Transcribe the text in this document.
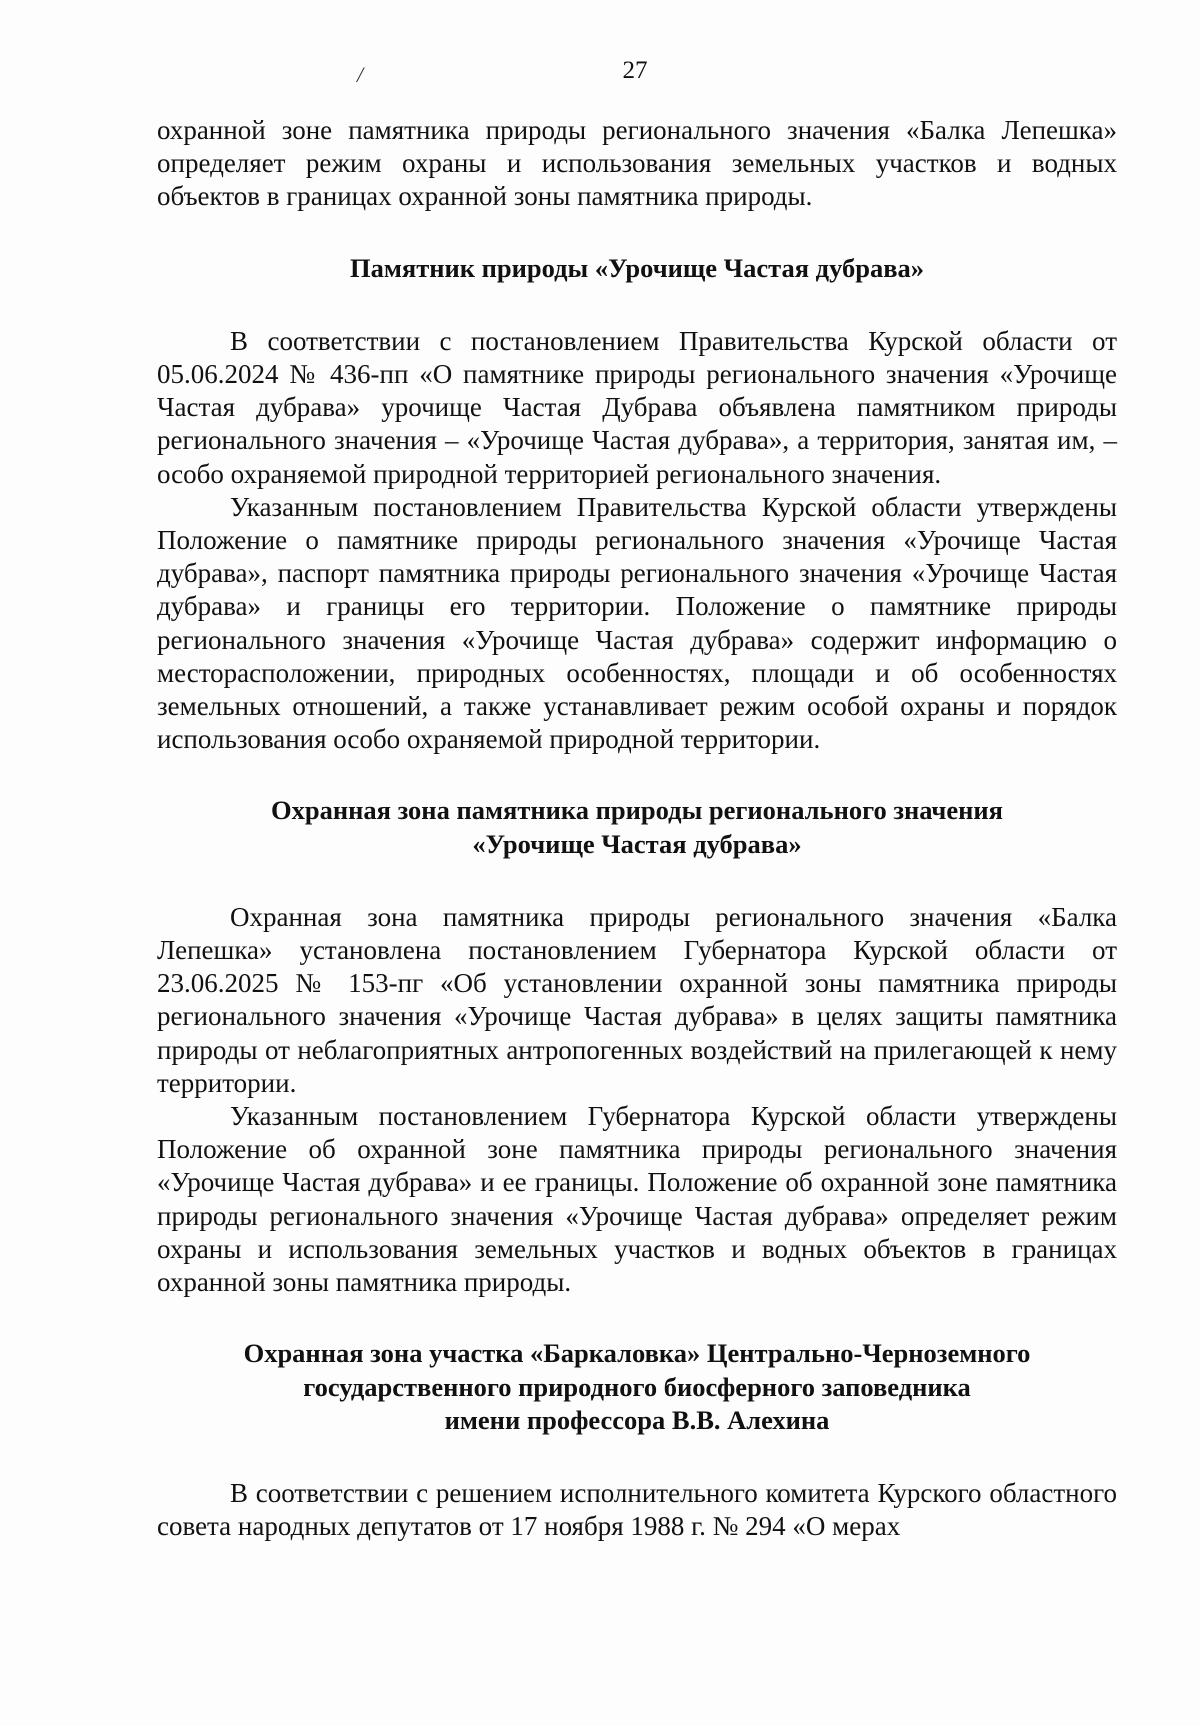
/	27

охранной зоне памятника природы регионального значения «Балка Лепешка» определяет режим охраны и использования земельных участков и водных объектов в границах охранной зоны памятника природы.

Памятник природы «Урочище Частая дубрава»

В соответствии с постановлением Правительства Курской области от 05.06.2024 № 436-пп «О памятнике природы регионального значения «Урочище Частая дубрава» урочище Частая Дубрава объявлена памятником природы регионального значения – «Урочище Частая дубрава», а территория, занятая им, – особо охраняемой природной территорией регионального значения.

Указанным постановлением Правительства Курской области утверждены Положение о памятнике природы регионального значения «Урочище Частая дубрава», паспорт памятника природы регионального значения «Урочище Частая дубрава» и границы его территории. Положение о памятнике природы регионального значения «Урочище Частая дубрава» содержит информацию о месторасположении, природных особенностях, площади и об особенностях земельных отношений, а также устанавливает режим особой охраны и порядок использования особо охраняемой природной территории.

Охранная зона памятника природы регионального значения
«Урочище Частая дубрава»

Охранная зона памятника природы регионального значения «Балка Лепешка» установлена постановлением Губернатора Курской области от 23.06.2025 № 153-пг «Об установлении охранной зоны памятника природы регионального значения «Урочище Частая дубрава» в целях защиты памятника природы от неблагоприятных антропогенных воздействий на прилегающей к нему территории.

Указанным постановлением Губернатора Курской области утверждены Положение об охранной зоне памятника природы регионального значения «Урочище Частая дубрава» и ее границы. Положение об охранной зоне памятника природы регионального значения «Урочище Частая дубрава» определяет режим охраны и использования земельных участков и водных объектов в границах охранной зоны памятника природы.

Охранная зона участка «Баркаловка» Центрально-Черноземного
государственного природного биосферного заповедника
имени профессора В.В. Алехина

В соответствии с решением исполнительного комитета Курского областного совета народных депутатов от 17 ноября 1988 г. № 294 «О мерах
